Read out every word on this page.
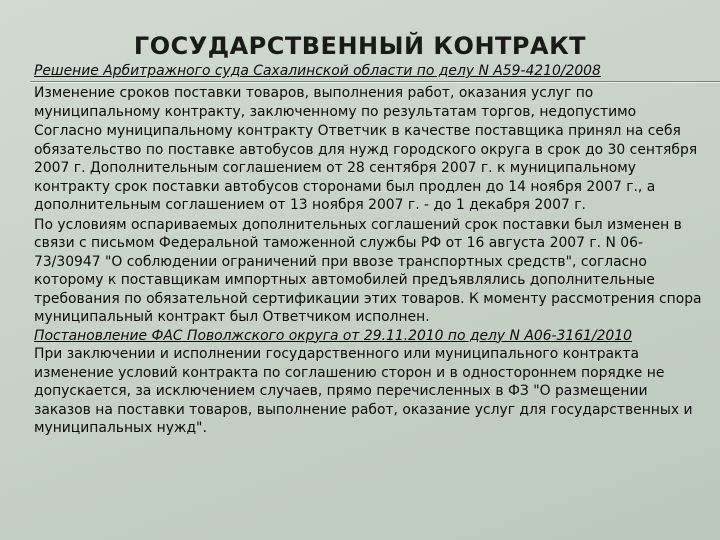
ГОСУДАРСТВЕННЫЙ КОНТРАКТ
Решение Арбитражного суда Сахалинской области по делу N А59-4210/2008

Изменение сроков поставки товаров, выполнения работ, оказания услуг по муниципальному контракту, заключенному по результатам торгов, недопустимо

Согласно муниципальному контракту Ответчик в качестве поставщика принял на себя обязательство по поставке автобусов для нужд городского округа в срок до 30 сентября 2007 г. Дополнительным соглашением от 28 сентября 2007 г. к муниципальному контракту срок поставки автобусов сторонами был продлен до 14 ноября 2007 г., а дополнительным соглашением от 13 ноября 2007 г. - до 1 декабря 2007 г.

По условиям оспариваемых дополнительных соглашений срок поставки был изменен в связи с письмом Федеральной таможенной службы РФ от 16 августа 2007 г. N 06-73/30947 "О соблюдении ограничений при ввозе транспортных средств", согласно которому к поставщикам импортных автомобилей предъявлялись дополнительные требования по обязательной сертификации этих товаров. К моменту рассмотрения спора муниципальный контракт был Ответчиком исполнен.

Постановление ФАС Поволжского округа от 29.11.2010 по делу N А06-3161/2010

При заключении и исполнении государственного или муниципального контракта изменение условий контракта по соглашению сторон и в одностороннем порядке не допускается, за исключением случаев, прямо перечисленных в ФЗ "О размещении заказов на поставки товаров, выполнение работ, оказание услуг для государственных и муниципальных нужд".
